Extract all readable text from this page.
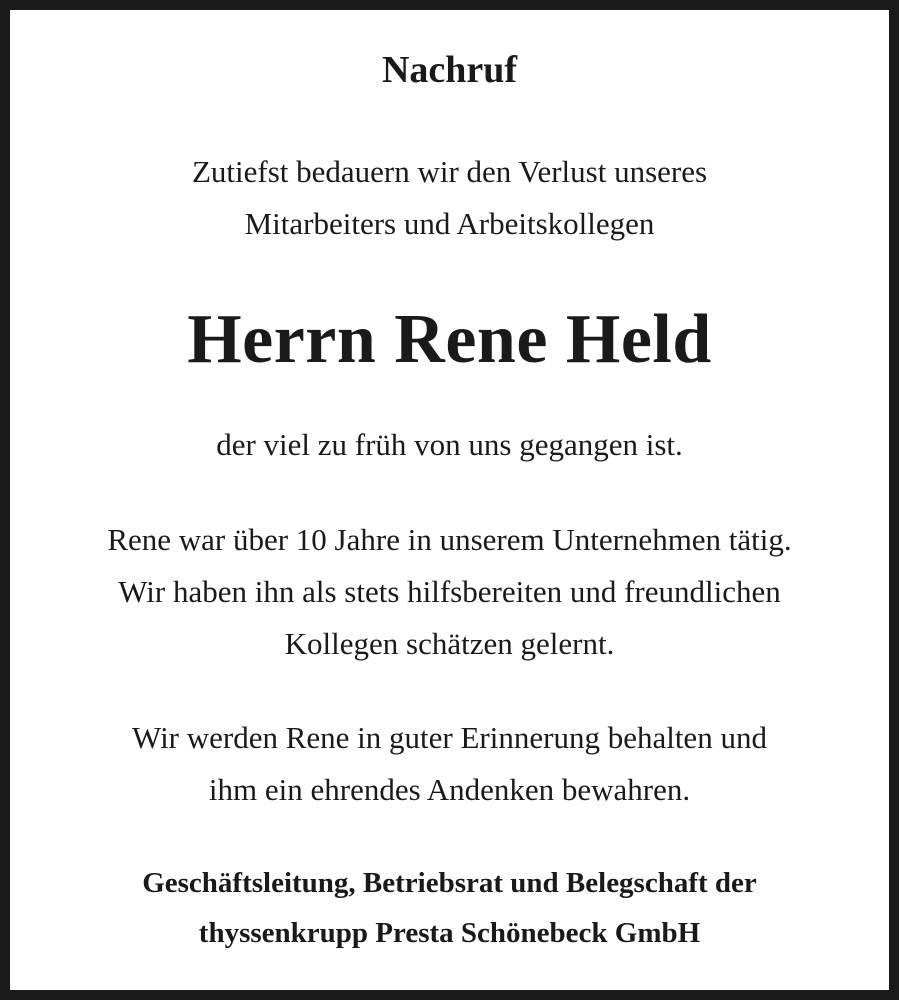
Nachruf
Zutiefst bedauern wir den Verlust unseres
Mitarbeiters und Arbeitskollegen
Herrn Rene Held
der viel zu früh von uns gegangen ist.
Rene war über 10 Jahre in unserem Unternehmen tätig.
Wir haben ihn als stets hilfsbereiten und freundlichen
Kollegen schätzen gelernt.
Wir werden Rene in guter Erinnerung behalten und
ihm ein ehrendes Andenken bewahren.
Geschäftsleitung, Betriebsrat und Belegschaft der
thyssenkrupp Presta Schönebeck GmbH
